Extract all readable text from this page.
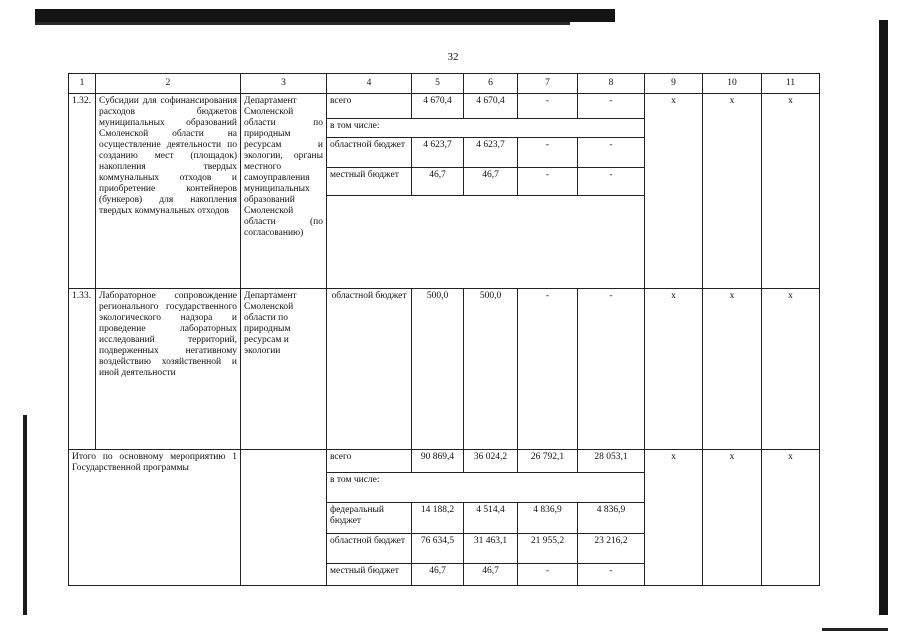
32
1	2	3	4	5	6	7	8	9	10	11
1.32.	Субсидии для софинансирования расходов бюджетов муниципальных образований Смоленской области на осуществление деятельности по созданию мест (площадок) накопления твердых коммунальных отходов и приобретение контейнеров (бункеров) для накопления твердых коммунальных отходов	Департамент Смоленской области по природным ресурсам и экологии, органы местного самоуправления муниципальных образований Смоленской области (по согласованию)	всего	4 670,4	4 670,4	-	-	x	x	x
			в том числе:							
			областной бюджет	4 623,7	4 623,7	-	-			
			местный бюджет	46,7	46,7	-	-			

1.33.	Лабораторное сопровождение регионального государственного экологического надзора и проведение лабораторных исследований территорий, подверженных негативному воздействию хозяйственной и иной деятельности	Департамент Смоленской области по природным ресурсам и экологии	областной бюджет	500,0	500,0	-	-	x	x	x
Итого по основному мероприятию 1 Государственной программы			всего	90 869,4	36 024,2	26 792,1	28 053,1	x	x	x
			в том числе:							
			федеральный бюджет	14 188,2	4 514,4	4 836,9	4 836,9			
			областной бюджет	76 634,5	31 463,1	21 955,2	23 216,2			
			местный бюджет	46,7	46,7	-	-			
